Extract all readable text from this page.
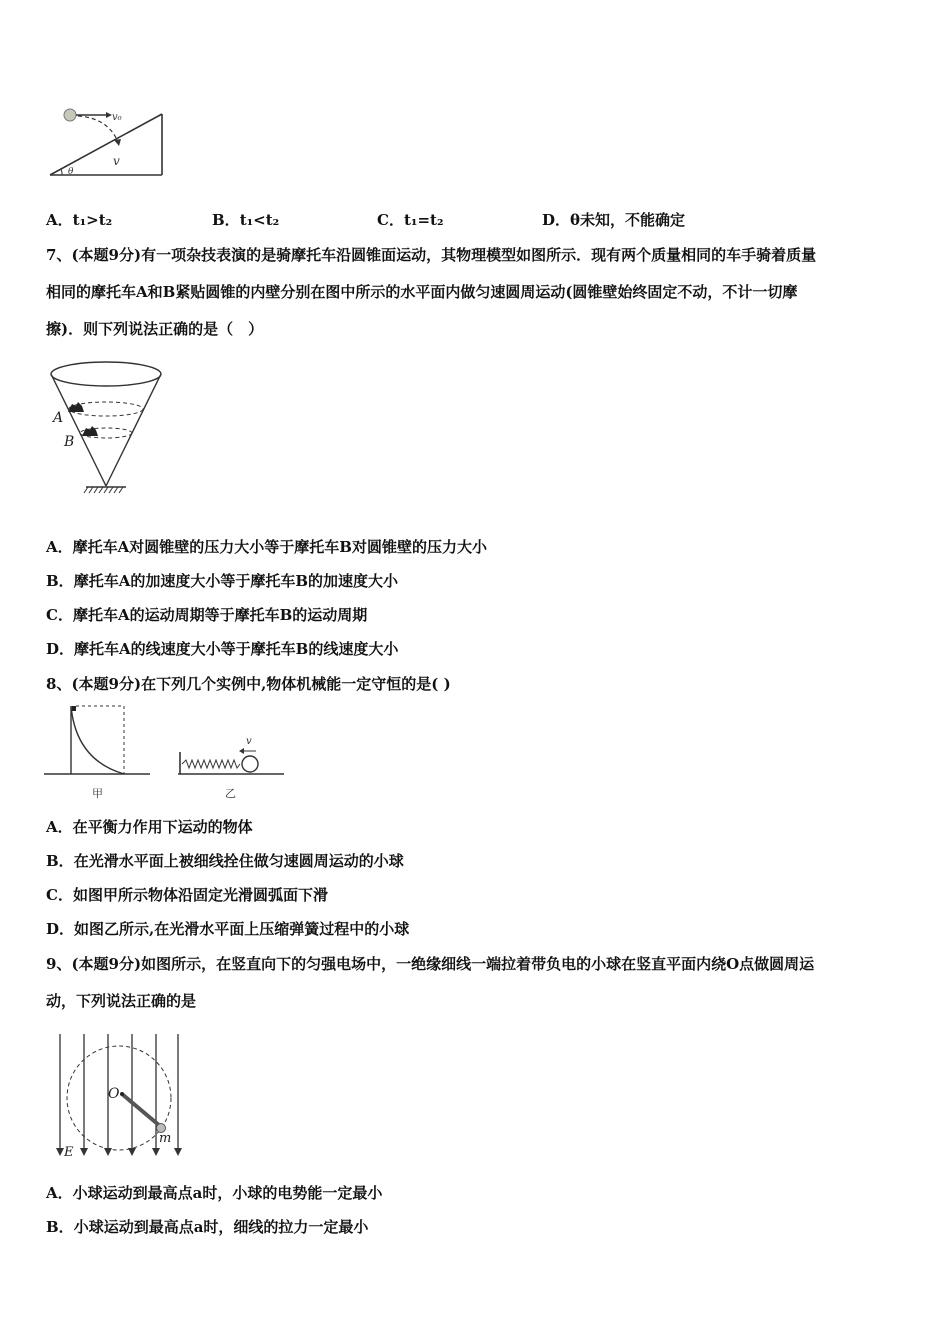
v₀
v
θ
A．t₁>t₂	B．t₁<t₂	C．t₁=t₂	D．θ未知，不能确定
7、(本题9分)有一项杂技表演的是骑摩托车沿圆锥面运动，其物理模型如图所示．现有两个质量相同的车手骑着质量
相同的摩托车A和B紧贴圆锥的内壁分别在图中所示的水平面内做匀速圆周运动(圆锥壁始终固定不动，不计一切摩
擦)．则下列说法正确的是（　）
A
B
A．摩托车A对圆锥壁的压力大小等于摩托车B对圆锥壁的压力大小
B．摩托车A的加速度大小等于摩托车B的加速度大小
C．摩托车A的运动周期等于摩托车B的运动周期
D．摩托车A的线速度大小等于摩托车B的线速度大小
8、(本题9分)在下列几个实例中,物体机械能一定守恒的是( )
v
甲	乙
A．在平衡力作用下运动的物体
B．在光滑水平面上被细线拴住做匀速圆周运动的小球
C．如图甲所示物体沿固定光滑圆弧面下滑
D．如图乙所示,在光滑水平面上压缩弹簧过程中的小球
9、(本题9分)如图所示，在竖直向下的匀强电场中，一绝缘细线一端拉着带负电的小球在竖直平面内绕O点做圆周运
动，下列说法正确的是
O
m
E
A．小球运动到最高点a时，小球的电势能一定最小
B．小球运动到最高点a时，细线的拉力一定最小
